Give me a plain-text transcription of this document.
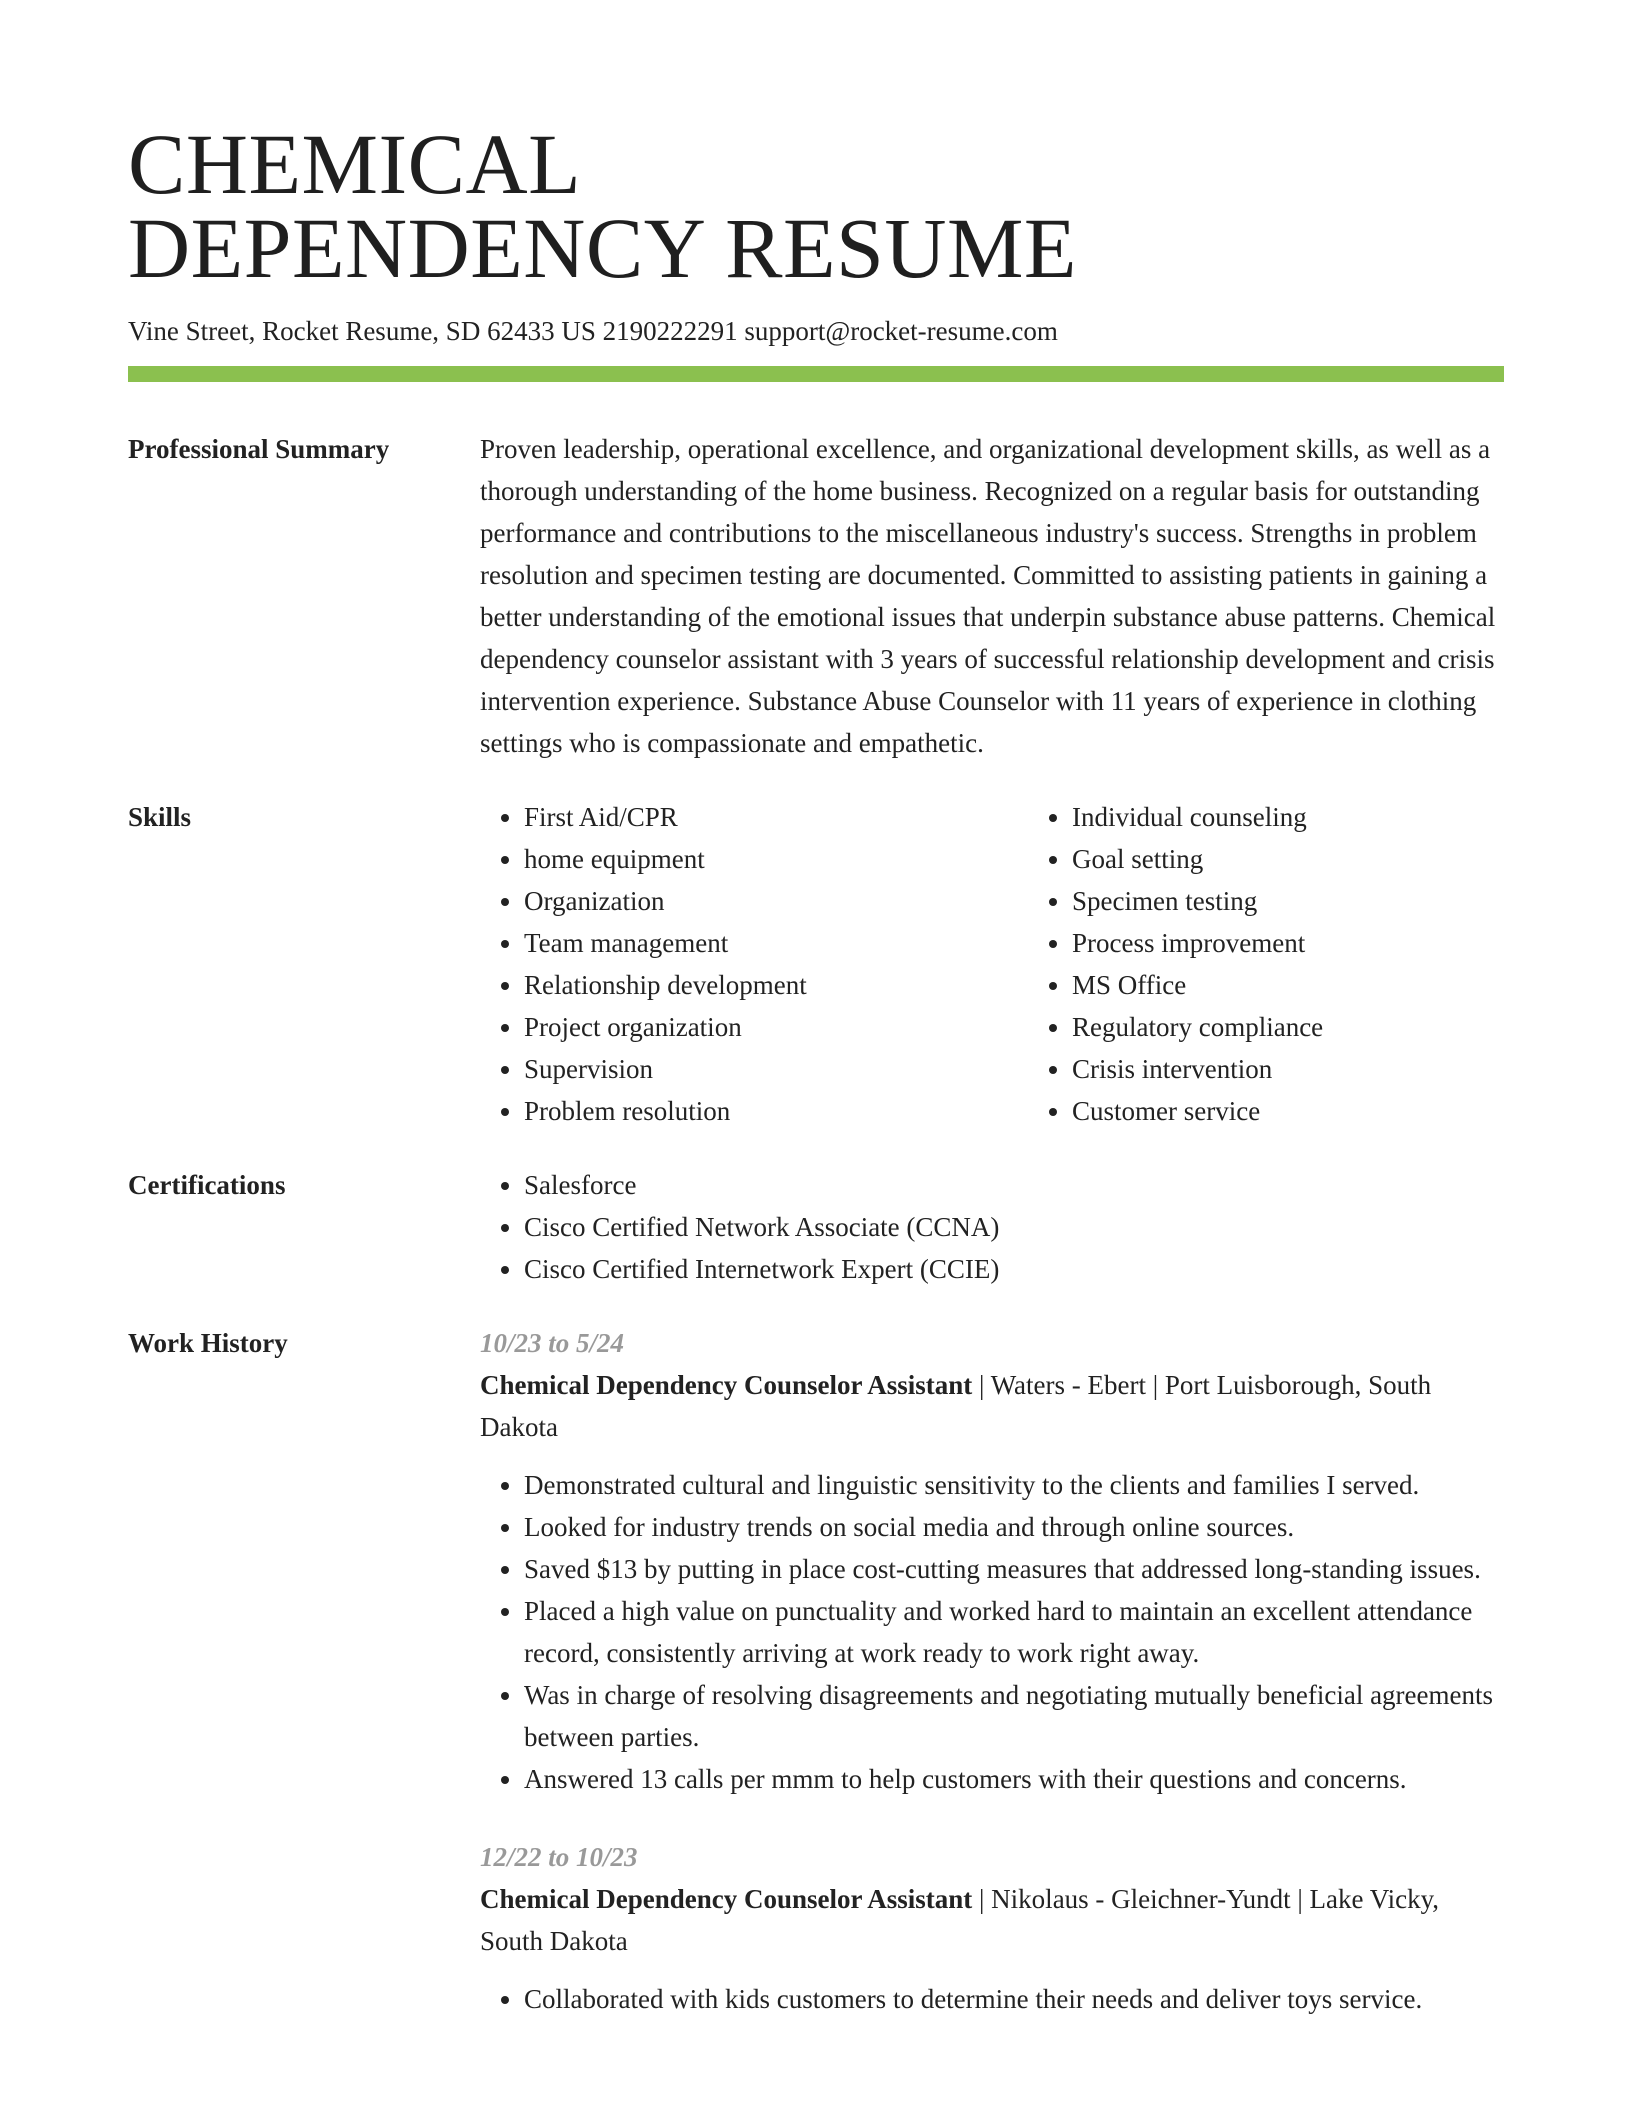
CHEMICAL
DEPENDENCY RESUME
Vine Street, Rocket Resume, SD 62433 US 2190222291 support@rocket-resume.com
Professional Summary	Proven leadership, operational excellence, and organizational development skills, as well as a thorough understanding of the home business. Recognized on a regular basis for outstanding performance and contributions to the miscellaneous industry's success. Strengths in problem resolution and specimen testing are documented. Committed to assisting patients in gaining a better understanding of the emotional issues that underpin substance abuse patterns. Chemical dependency counselor assistant with 3 years of successful relationship development and crisis intervention experience. Substance Abuse Counselor with 11 years of experience in clothing settings who is compassionate and empathetic.

Skills	• First Aid/CPR
• home equipment
• Organization
• Team management
• Relationship development
• Project organization
• Supervision
• Problem resolution
• Individual counseling
• Goal setting
• Specimen testing
• Process improvement
• MS Office
• Regulatory compliance
• Crisis intervention
• Customer service
Certifications	• Salesforce
• Cisco Certified Network Associate (CCNA)
• Cisco Certified Internetwork Expert (CCIE)
Work History	10/23 to 5/24
Chemical Dependency Counselor Assistant | Waters - Ebert | Port Luisborough, South Dakota
• Demonstrated cultural and linguistic sensitivity to the clients and families I served.
• Looked for industry trends on social media and through online sources.
• Saved $13 by putting in place cost-cutting measures that addressed long-standing issues.
• Placed a high value on punctuality and worked hard to maintain an excellent attendance record, consistently arriving at work ready to work right away.
• Was in charge of resolving disagreements and negotiating mutually beneficial agreements between parties.
• Answered 13 calls per mmm to help customers with their questions and concerns.
12/22 to 10/23
Chemical Dependency Counselor Assistant | Nikolaus - Gleichner-Yundt | Lake Vicky, South Dakota
• Collaborated with kids customers to determine their needs and deliver toys service.
